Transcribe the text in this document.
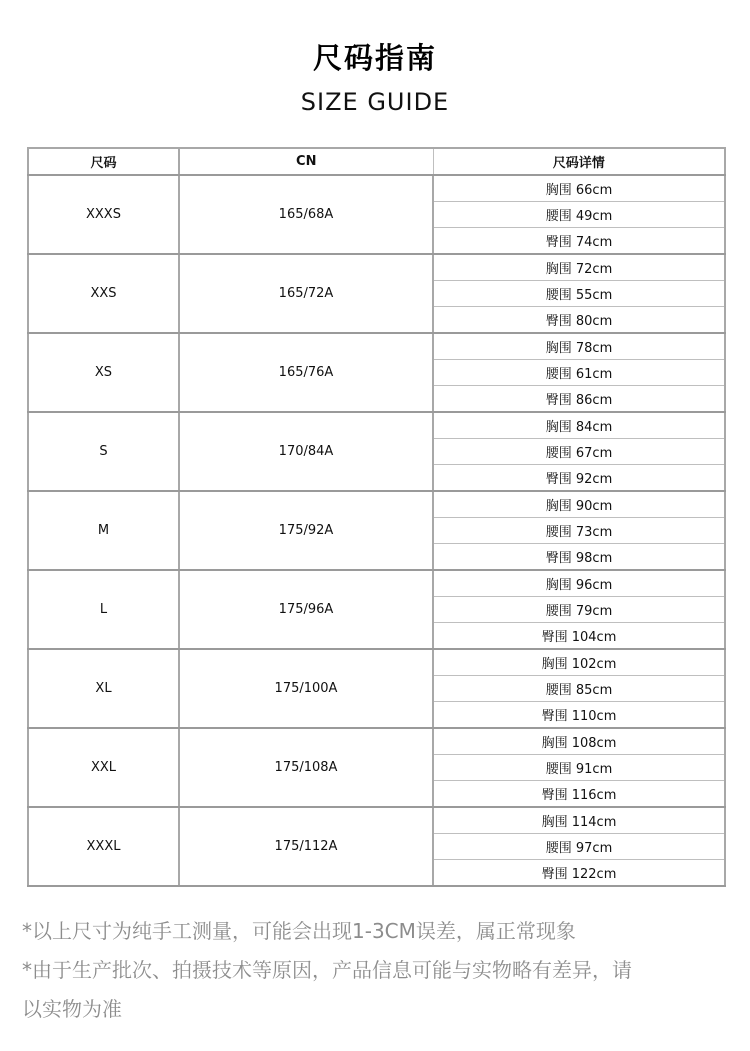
尺码指南
SIZE GUIDE
尺码	CN	尺码详情
XXXS	165/68A	胸围 66cm
		腰围 49cm
		臀围 74cm
XXS	165/72A	胸围 72cm
		腰围 55cm
		臀围 80cm
XS	165/76A	胸围 78cm
		腰围 61cm
		臀围 86cm
S	170/84A	胸围 84cm
		腰围 67cm
		臀围 92cm
M	175/92A	胸围 90cm
		腰围 73cm
		臀围 98cm
L	175/96A	胸围 96cm
		腰围 79cm
		臀围 104cm
XL	175/100A	胸围 102cm
		腰围 85cm
		臀围 110cm
XXL	175/108A	胸围 108cm
		腰围 91cm
		臀围 116cm
XXXL	175/112A	胸围 114cm
		腰围 97cm
		臀围 122cm
*以上尺寸为纯手工测量，可能会出现1-3CM误差，属正常现象
*由于生产批次、拍摄技术等原因，产品信息可能与实物略有差异，请
以实物为准
